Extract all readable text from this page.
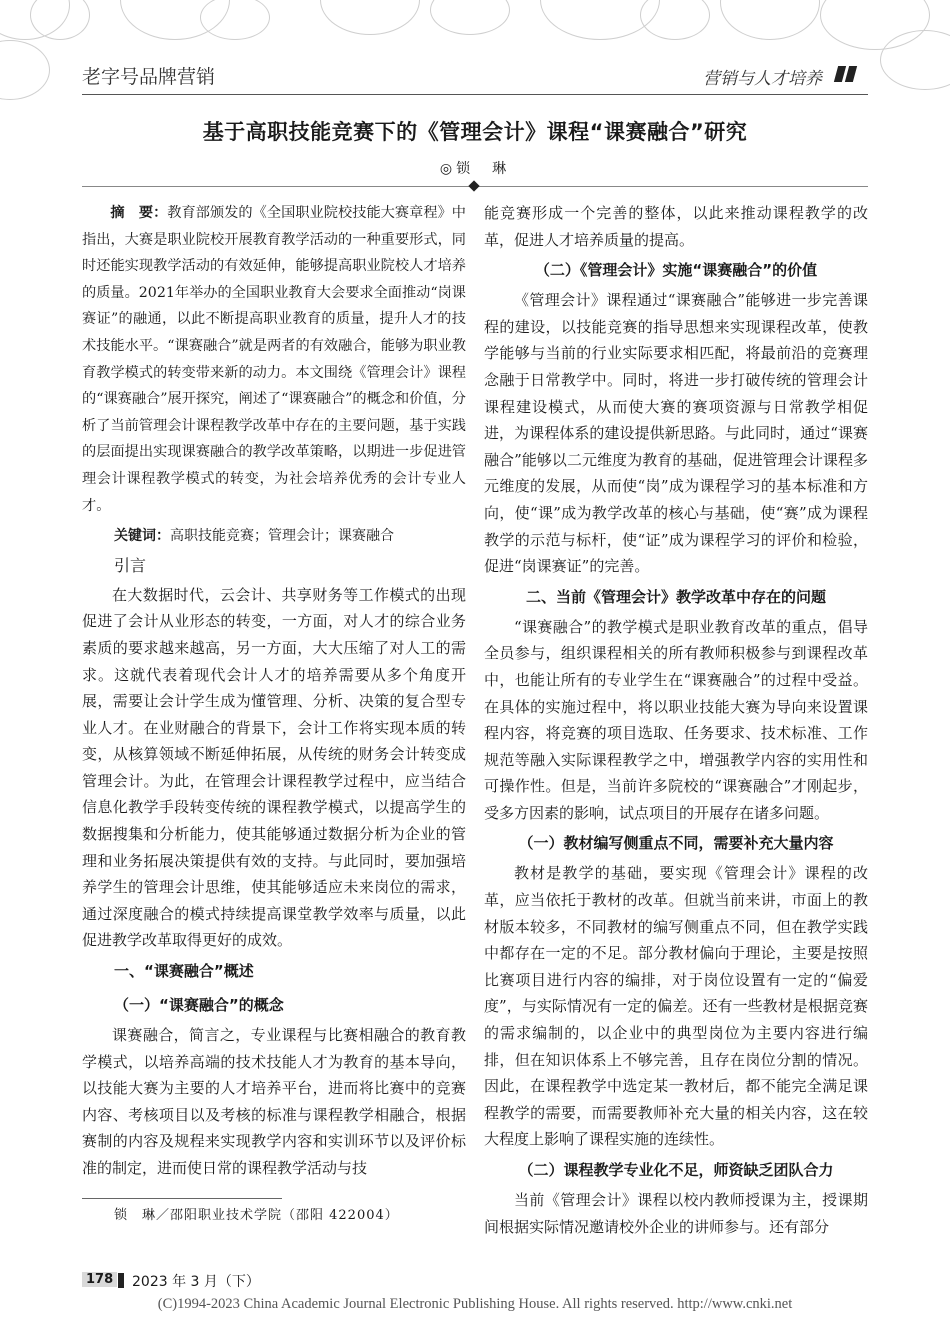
老字号品牌营销	营销与人才培养
基于高职技能竞赛下的《管理会计》课程“课赛融合”研究
◎锁　琳

摘　要：教育部颁发的《全国职业院校技能大赛章程》中指出，大赛是职业院校开展教育教学活动的一种重要形式，同时还能实现教学活动的有效延伸，能够提高职业院校人才培养的质量。2021年举办的全国职业教育大会要求全面推动“岗课赛证”的融通，以此不断提高职业教育的质量，提升人才的技术技能水平。“课赛融合”就是两者的有效融合，能够为职业教育教学模式的转变带来新的动力。本文围绕《管理会计》课程的“课赛融合”展开探究，阐述了“课赛融合”的概念和价值，分析了当前管理会计课程教学改革中存在的主要问题，基于实践的层面提出实现课赛融合的教学改革策略，以期进一步促进管理会计课程教学模式的转变，为社会培养优秀的会计专业人才。

关键词：高职技能竞赛；管理会计；课赛融合

引言

在大数据时代，云会计、共享财务等工作模式的出现促进了会计从业形态的转变，一方面，对人才的综合业务素质的要求越来越高，另一方面，大大压缩了对人工的需求。这就代表着现代会计人才的培养需要从多个角度开展，需要让会计学生成为懂管理、分析、决策的复合型专业人才。在业财融合的背景下，会计工作将实现本质的转变，从核算领域不断延伸拓展，从传统的财务会计转变成管理会计。为此，在管理会计课程教学过程中，应当结合信息化教学手段转变传统的课程教学模式，以提高学生的数据搜集和分析能力，使其能够通过数据分析为企业的管理和业务拓展决策提供有效的支持。与此同时，要加强培养学生的管理会计思维，使其能够适应未来岗位的需求，通过深度融合的模式持续提高课堂教学效率与质量，以此促进教学改革取得更好的成效。

一、“课赛融合”概述
（一）“课赛融合”的概念

课赛融合，简言之，专业课程与比赛相融合的教育教学模式，以培养高端的技术技能人才为教育的基本导向，以技能大赛为主要的人才培养平台，进而将比赛中的竞赛内容、考核项目以及考核的标准与课程教学相融合，根据赛制的内容及规程来实现教学内容和实训环节以及评价标准的制定，进而使日常的课程教学活动与技

能竞赛形成一个完善的整体，以此来推动课程教学的改革，促进人才培养质量的提高。

（二）《管理会计》实施“课赛融合”的价值

《管理会计》课程通过“课赛融合”能够进一步完善课程的建设，以技能竞赛的指导思想来实现课程改革，使教学能够与当前的行业实际要求相匹配，将最前沿的竞赛理念融于日常教学中。同时，将进一步打破传统的管理会计课程建设模式，从而使大赛的赛项资源与日常教学相促进，为课程体系的建设提供新思路。与此同时，通过“课赛融合”能够以二元维度为教育的基础，促进管理会计课程多元维度的发展，从而使“岗”成为课程学习的基本标准和方向，使“课”成为教学改革的核心与基础，使“赛”成为课程教学的示范与标杆，使“证”成为课程学习的评价和检验，促进“岗课赛证”的完善。

二、当前《管理会计》教学改革中存在的问题

“课赛融合”的教学模式是职业教育改革的重点，倡导全员参与，组织课程相关的所有教师积极参与到课程改革中，也能让所有的专业学生在“课赛融合”的过程中受益。在具体的实施过程中，将以职业技能大赛为导向来设置课程内容，将竞赛的项目选取、任务要求、技术标准、工作规范等融入实际课程教学之中，增强教学内容的实用性和可操作性。但是，当前许多院校的“课赛融合”才刚起步，受多方因素的影响，试点项目的开展存在诸多问题。

（一）教材编写侧重点不同，需要补充大量内容

教材是教学的基础，要实现《管理会计》课程的改革，应当依托于教材的改革。但就当前来讲，市面上的教材版本较多，不同教材的编写侧重点不同，但在教学实践中都存在一定的不足。部分教材偏向于理论，主要是按照比赛项目进行内容的编排，对于岗位设置有一定的“偏爱度”，与实际情况有一定的偏差。还有一些教材是根据竞赛的需求编制的，以企业中的典型岗位为主要内容进行编排，但在知识体系上不够完善，且存在岗位分割的情况。因此，在课程教学中选定某一教材后，都不能完全满足课程教学的需要，而需要教师补充大量的相关内容，这在较大程度上影响了课程实施的连续性。

（二）课程教学专业化不足，师资缺乏团队合力

当前《管理会计》课程以校内教师授课为主，授课期间根据实际情况邀请校外企业的讲师参与。还有部分

锁　琳／邵阳职业技术学院（邵阳 422004）
178 2023 年 3 月（下）
(C)1994-2023 China Academic Journal Electronic Publishing House. All rights reserved. http://www.cnki.net
